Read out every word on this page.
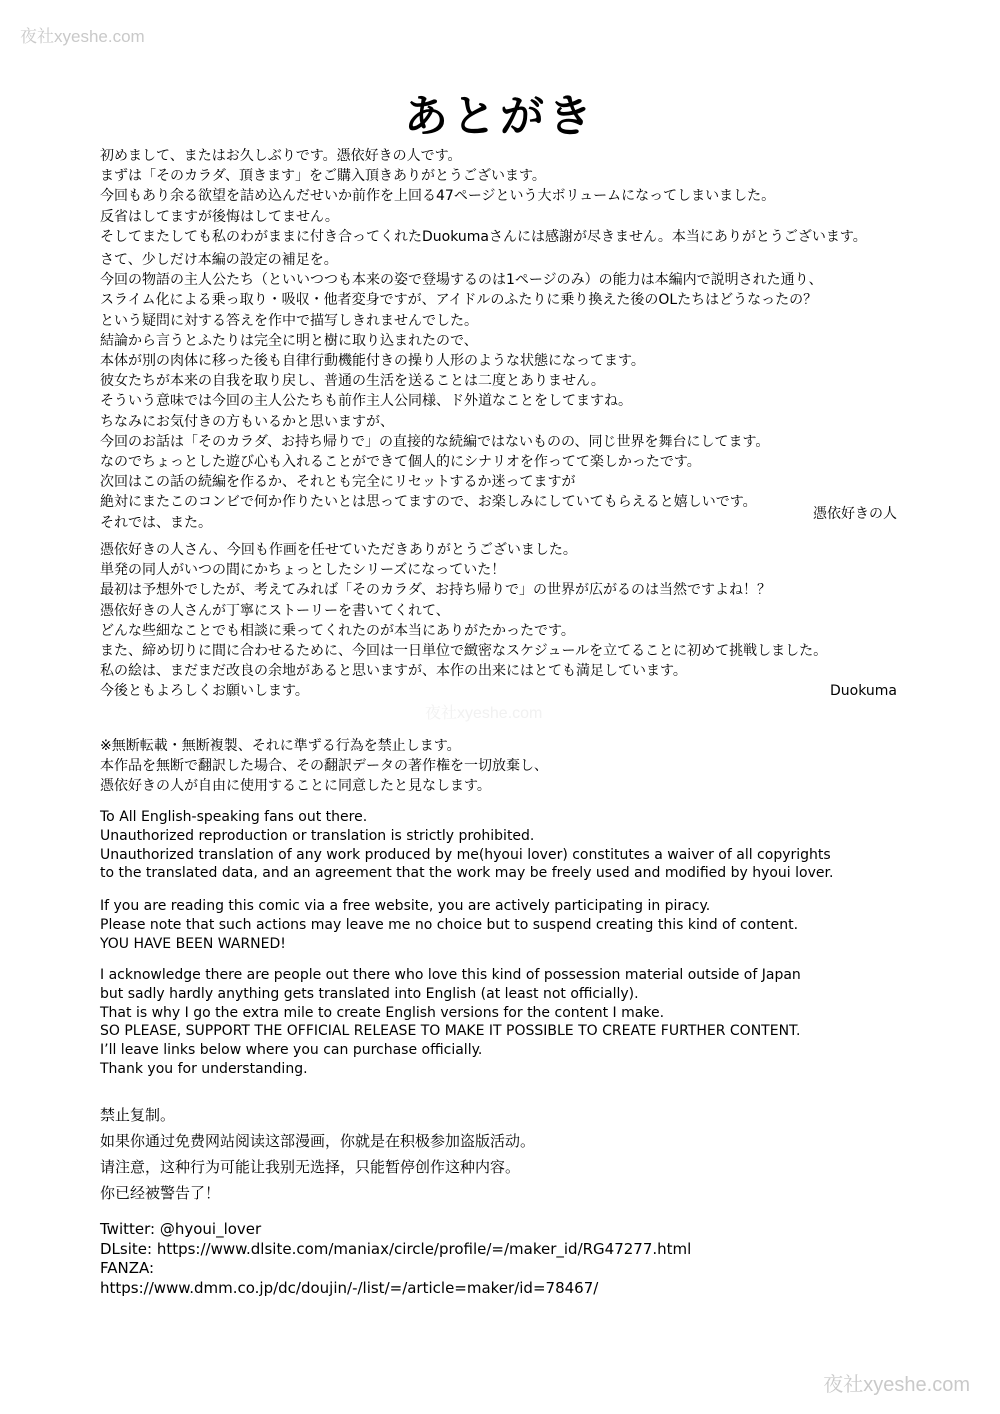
夜社xyeshe.com
夜社xyeshe.com
夜社xyeshe.com
あとがき

初めまして、またはお久しぶりです。憑依好きの人です。

まずは「そのカラダ、頂きます」をご購入頂きありがとうございます。

今回もあり余る欲望を詰め込んだせいか前作を上回る47ページという大ボリュームになってしまいました。

反省はしてますが後悔はしてません。

そしてまたしても私のわがままに付き合ってくれたDuokumaさんには感謝が尽きません。本当にありがとうございます。

さて、少しだけ本編の設定の補足を。

今回の物語の主人公たち（といいつつも本来の姿で登場するのは1ページのみ）の能力は本編内で説明された通り、

スライム化による乗っ取り・吸収・他者変身ですが、アイドルのふたりに乗り換えた後のOLたちはどうなったの？

という疑問に対する答えを作中で描写しきれませんでした。

結論から言うとふたりは完全に明と樹に取り込まれたので、

本体が別の肉体に移った後も自律行動機能付きの操り人形のような状態になってます。

彼女たちが本来の自我を取り戻し、普通の生活を送ることは二度とありません。

そういう意味では今回の主人公たちも前作主人公同様、ド外道なことをしてますね。

ちなみにお気付きの方もいるかと思いますが、

今回のお話は「そのカラダ、お持ち帰りで」の直接的な続編ではないものの、同じ世界を舞台にしてます。

なのでちょっとした遊び心も入れることができて個人的にシナリオを作ってて楽しかったです。

次回はこの話の続編を作るか、それとも完全にリセットするか迷ってますが

絶対にまたこのコンビで何か作りたいとは思ってますので、お楽しみにしていてもらえると嬉しいです。

それでは、また。

憑依好きの人

憑依好きの人さん、今回も作画を任せていただきありがとうございました。

単発の同人がいつの間にかちょっとしたシリーズになっていた！

最初は予想外でしたが、考えてみれば「そのカラダ、お持ち帰りで」の世界が広がるのは当然ですよね！？

憑依好きの人さんが丁寧にストーリーを書いてくれて、

どんな些細なことでも相談に乗ってくれたのが本当にありがたかったです。

また、締め切りに間に合わせるために、今回は一日単位で緻密なスケジュールを立てることに初めて挑戦しました。

私の絵は、まだまだ改良の余地があると思いますが、本作の出来にはとても満足しています。

今後ともよろしくお願いします。	Duokuma

※無断転載・無断複製、それに準ずる行為を禁止します。

本作品を無断で翻訳した場合、その翻訳データの著作権を一切放棄し、

憑依好きの人が自由に使用することに同意したと見なします。

To All English-speaking fans out there.

Unauthorized reproduction or translation is strictly prohibited.

Unauthorized translation of any work produced by me(hyoui lover) constitutes a waiver of all copyrights

to the translated data, and an agreement that the work may be freely used and modified by hyoui lover.

If you are reading this comic via a free website, you are actively participating in piracy.

Please note that such actions may leave me no choice but to suspend creating this kind of content.

YOU HAVE BEEN WARNED!

I acknowledge there are people out there who love this kind of possession material outside of Japan

but sadly hardly anything gets translated into English (at least not officially).

That is why I go the extra mile to create English versions for the content I make.

SO PLEASE, SUPPORT THE OFFICIAL RELEASE TO MAKE IT POSSIBLE TO CREATE FURTHER CONTENT.

I’ll leave links below where you can purchase officially.

Thank you for understanding.

禁止复制。

如果你通过免费网站阅读这部漫画，你就是在积极参加盗版活动。

请注意，这种行为可能让我别无选择，只能暂停创作这种内容。

你已经被警告了！

Twitter: @hyoui_lover

DLsite: https://www.dlsite.com/maniax/circle/profile/=/maker_id/RG47277.html

FANZA:

https://www.dmm.co.jp/dc/doujin/-/list/=/article=maker/id=78467/
